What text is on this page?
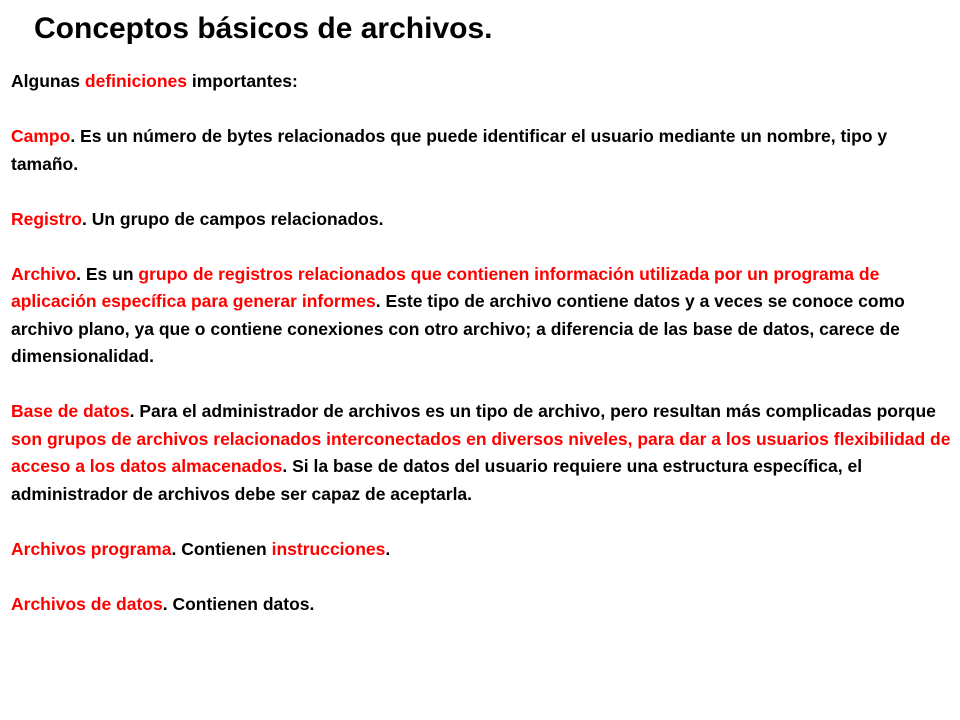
Conceptos básicos de archivos.

Algunas definiciones importantes:

Campo. Es un número de bytes relacionados que puede identificar el usuario mediante un nombre, tipo y tamaño.

Registro. Un grupo de campos relacionados.

Archivo. Es un grupo de registros relacionados que contienen información utilizada por un programa de aplicación específica para generar informes. Este tipo de archivo contiene datos y a veces se conoce como archivo plano, ya que o contiene conexiones con otro archivo; a diferencia de las base de datos, carece de dimensionalidad.

Base de datos. Para el administrador de archivos es un tipo de archivo, pero resultan más complicadas porque son grupos de archivos relacionados interconectados en diversos niveles, para dar a los usuarios flexibilidad de acceso a los datos almacenados. Si la base de datos del usuario requiere una estructura específica, el administrador de archivos debe ser capaz de aceptarla.

Archivos programa. Contienen instrucciones.

Archivos de datos. Contienen datos.
